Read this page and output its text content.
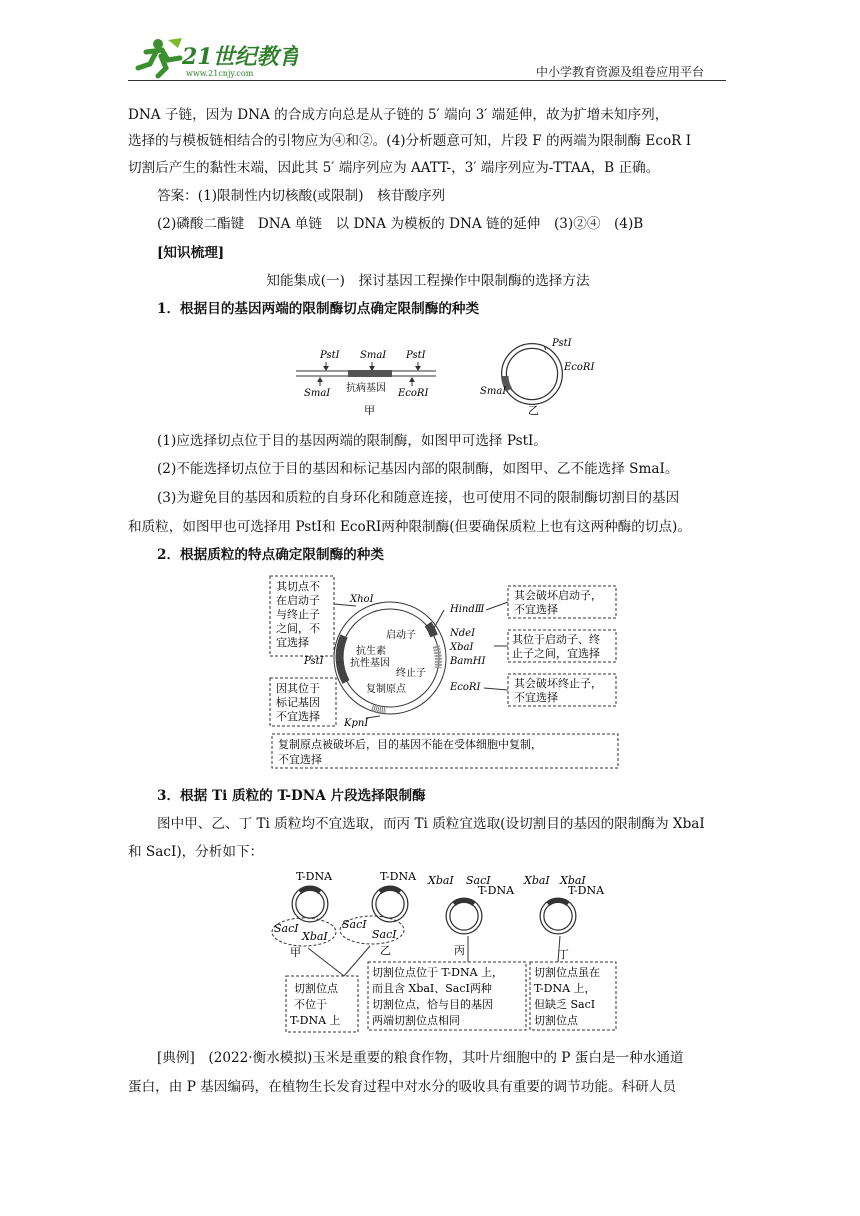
21世纪教育
www.21cnjy.com	中小学教育资源及组卷应用平台
DNA 子链，因为 DNA 的合成方向总是从子链的 5′ 端向 3′ 端延伸，故为扩增未知序列，
选择的与模板链相结合的引物应为④和②。(4)分析题意可知，片段 F 的两端为限制酶 EcoR Ⅰ
切割后产生的黏性末端，因此其 5′ 端序列应为 AATT-，3′ 端序列应为-TTAA，B 正确。
答案：(1)限制性内切核酸(或限制)　核苷酸序列
(2)磷酸二酯键　DNA 单链　以 DNA 为模板的 DNA 链的延伸　(3)②④　(4)B
[知识梳理]
知能集成(一)　探讨基因工程操作中限制酶的选择方法
1．根据目的基因两端的限制酶切点确定限制酶的种类
PstⅠ SmaⅠ PstⅠ
SmaⅠ 抗病基因 EcoRⅠ
甲
PstⅠ
EcoRⅠ
SmaⅠ
乙
(1)应选择切点位于目的基因两端的限制酶，如图甲可选择 PstⅠ。
(2)不能选择切点位于目的基因和标记基因内部的限制酶，如图甲、乙不能选择 SmaⅠ。
(3)为避免目的基因和质粒的自身环化和随意连接，也可使用不同的限制酶切割目的基因
和质粒，如图甲也可选择用 PstⅠ和 EcoRⅠ两种限制酶(但要确保质粒上也有这两种酶的切点)。
2．根据质粒的特点确定限制酶的种类
其切点不
在启动子
与终止子
之间，不
宜选择
因其位于
标记基因
不宜选择
其会破坏启动子，
不宜选择
其位于启动子、终
止子之间，宜选择
其会破坏终止子，
不宜选择
复制原点被破坏后，目的基因不能在受体细胞中复制，
不宜选择
XhoⅠ
PstⅠ
KpnⅠ
HindⅢ
NdeⅠ
XbaⅠ
BamHⅠ
EcoRⅠ
启动子
抗生素
抗性基因
终止子
复制原点
3．根据 Ti 质粒的 T-DNA 片段选择限制酶
图中甲、乙、丁 Ti 质粒均不宜选取，而丙 Ti 质粒宜选取(设切割目的基因的限制酶为 XbaⅠ
和 SacⅠ)，分析如下：
T-DNA
SacⅠ
XbaⅠ
甲
T-DNA
SacⅠ
SacⅠ
乙
XbaⅠ SacⅠ
T-DNA
丙
XbaⅠ XbaⅠ
T-DNA
丁
切割位点
不位于
T-DNA 上
切割位点位于 T-DNA 上，
而且含 XbaⅠ、SacⅠ两种
切割位点，恰与目的基因
两端切割位点相同
切割位点虽在
T-DNA 上，
但缺乏 SacⅠ
切割位点
[典例]　(2022·衡水模拟)玉米是重要的粮食作物，其叶片细胞中的 P 蛋白是一种水通道
蛋白，由 P 基因编码，在植物生长发育过程中对水分的吸收具有重要的调节功能。科研人员
